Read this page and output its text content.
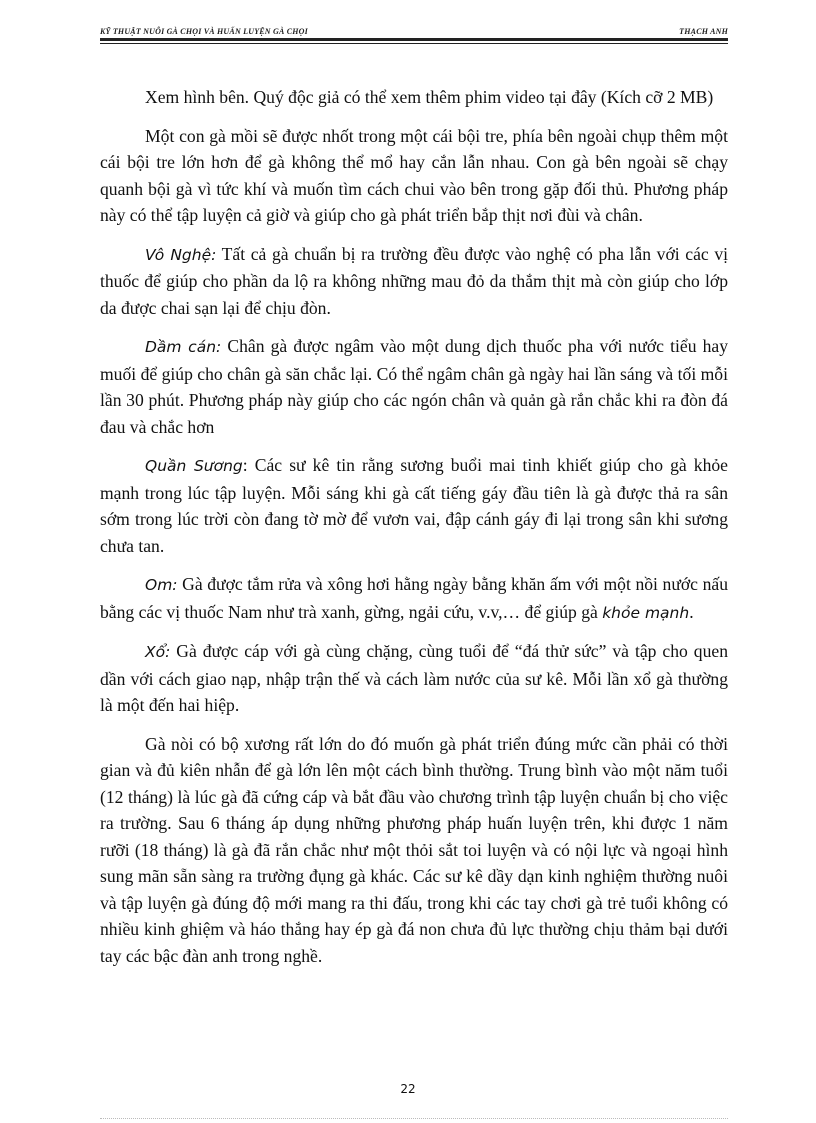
KỸ THUẬT NUÔI GÀ CHỌI VÀ HUẤN LUYỆN GÀ CHỌI	THẠCH ANH

Xem hình bên. Quý độc giả có thể xem thêm phim video tại đây (Kích cỡ 2 MB)

Một con gà mồi sẽ được nhốt trong một cái bội tre, phía bên ngoài chụp thêm một cái bội tre lớn hơn để gà không thể mổ hay cắn lẫn nhau. Con gà bên ngoài sẽ chạy quanh bội gà vì tức khí và muốn tìm cách chui vào bên trong gặp đối thủ. Phương pháp này có thể tập luyện cả giờ và giúp cho gà phát triển bắp thịt nơi đùi và chân.

Vô Nghệ: Tất cả gà chuẩn bị ra trường đều được vào nghệ có pha lẫn với các vị thuốc để giúp cho phần da lộ ra không những mau đỏ da thắm thịt mà còn giúp cho lớp da được chai sạn lại để chịu đòn.

Dầm cán: Chân gà được ngâm vào một dung dịch thuốc pha với nước tiểu hay muối để giúp cho chân gà săn chắc lại. Có thể ngâm chân gà ngày hai lần sáng và tối mỗi lần 30 phút. Phương pháp này giúp cho các ngón chân và quản gà rắn chắc khi ra đòn đá đau và chắc hơn

Quần Sương: Các sư kê tin rằng sương buổi mai tinh khiết giúp cho gà khỏe mạnh trong lúc tập luyện. Mỗi sáng khi gà cất tiếng gáy đầu tiên là gà được thả ra sân sớm trong lúc trời còn đang tờ mờ để vươn vai, đập cánh gáy đi lại trong sân khi sương chưa tan.

Om: Gà được tắm rửa và xông hơi hằng ngày bằng khăn ấm với một nồi nước nấu bằng các vị thuốc Nam như trà xanh, gừng, ngải cứu, v.v,… để giúp gà khỏe mạnh.

Xổ: Gà được cáp với gà cùng chặng, cùng tuổi để “đá thử sức” và tập cho quen dần với cách giao nạp, nhập trận thế và cách làm nước của sư kê. Mỗi lần xổ gà thường là một đến hai hiệp.

Gà nòi có bộ xương rất lớn do đó muốn gà phát triển đúng mức cần phải có thời gian và đủ kiên nhẫn để gà lớn lên một cách bình thường. Trung bình vào một năm tuổi (12 tháng) là lúc gà đã cứng cáp và bắt đầu vào chương trình tập luyện chuẩn bị cho việc ra trường. Sau 6 tháng áp dụng những phương pháp huấn luyện trên, khi được 1 năm rưỡi (18 tháng) là gà đã rắn chắc như một thỏi sắt toi luyện và có nội lực và ngoại hình sung mãn sẵn sàng ra trường đụng gà khác. Các sư kê dầy dạn kinh nghiệm thường nuôi và tập luyện gà đúng độ mới mang ra thi đấu, trong khi các tay chơi gà trẻ tuổi không có nhiều kinh ghiệm và háo thắng hay ép gà đá non chưa đủ lực thường chịu thảm bại dưới tay các bậc đàn anh trong nghề.

22
